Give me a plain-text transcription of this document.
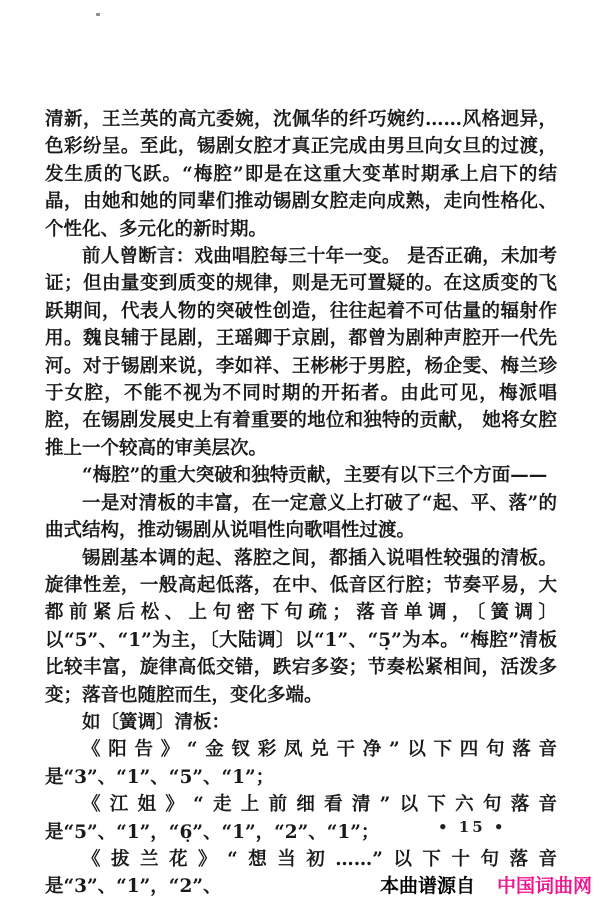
清新，王兰英的高亢委婉，沈佩华的纤巧婉约……风格迥异，色彩纷呈。至此，锡剧女腔才真正完成由男旦向女旦的过渡，发生质的飞跃。“梅腔”即是在这重大变革时期承上启下的结晶，由她和她的同辈们推动锡剧女腔走向成熟，走向性格化、个性化、多元化的新时期。

前人曾断言：戏曲唱腔每三十年一变。 是否正确，未加考证；但由量变到质变的规律，则是无可置疑的。在这质变的飞跃期间，代表人物的突破性创造，往往起着不可估量的辐射作用。魏良辅于昆剧，王瑶卿于京剧，都曾为剧种声腔开一代先河。对于锡剧来说，李如祥、王彬彬于男腔，杨企雯、梅兰珍于女腔，不能不视为不同时期的开拓者。由此可见，梅派唱腔，在锡剧发展史上有着重要的地位和独特的贡献， 她将女腔推上一个较高的审美层次。

“梅腔”的重大突破和独特贡献，主要有以下三个方面——

一是对清板的丰富，在一定意义上打破了“起、平、落”的曲式结构，推动锡剧从说唱性向歌唱性过渡。

锡剧基本调的起、落腔之间，都插入说唱性较强的清板。旋律性差，一般高起低落，在中、低音区行腔；节奏平易，大都前紧后松、上句密下句疏；落音单调，〔簧调〕以“5”、“1”为主，〔大陆调〕以“1”、“5̣”为本。“梅腔”清板比较丰富，旋律高低交错，跌宕多姿；节奏松紧相间，活泼多变；落音也随腔而生，变化多端。

如〔簧调〕清板：

《阳告》“金钗彩凤兑干净”以下四句落音是“3”、“1”、“5”、“1”；

《江姐》“走上前细看清”以下六句落音是“5”、“1”，“6̣”、“1”，“2”、“1”；

《拔兰花》“想当初……”以下十句落音是“3”、“1”，“2”、

• 15 •
本曲谱源自 中国词曲网
